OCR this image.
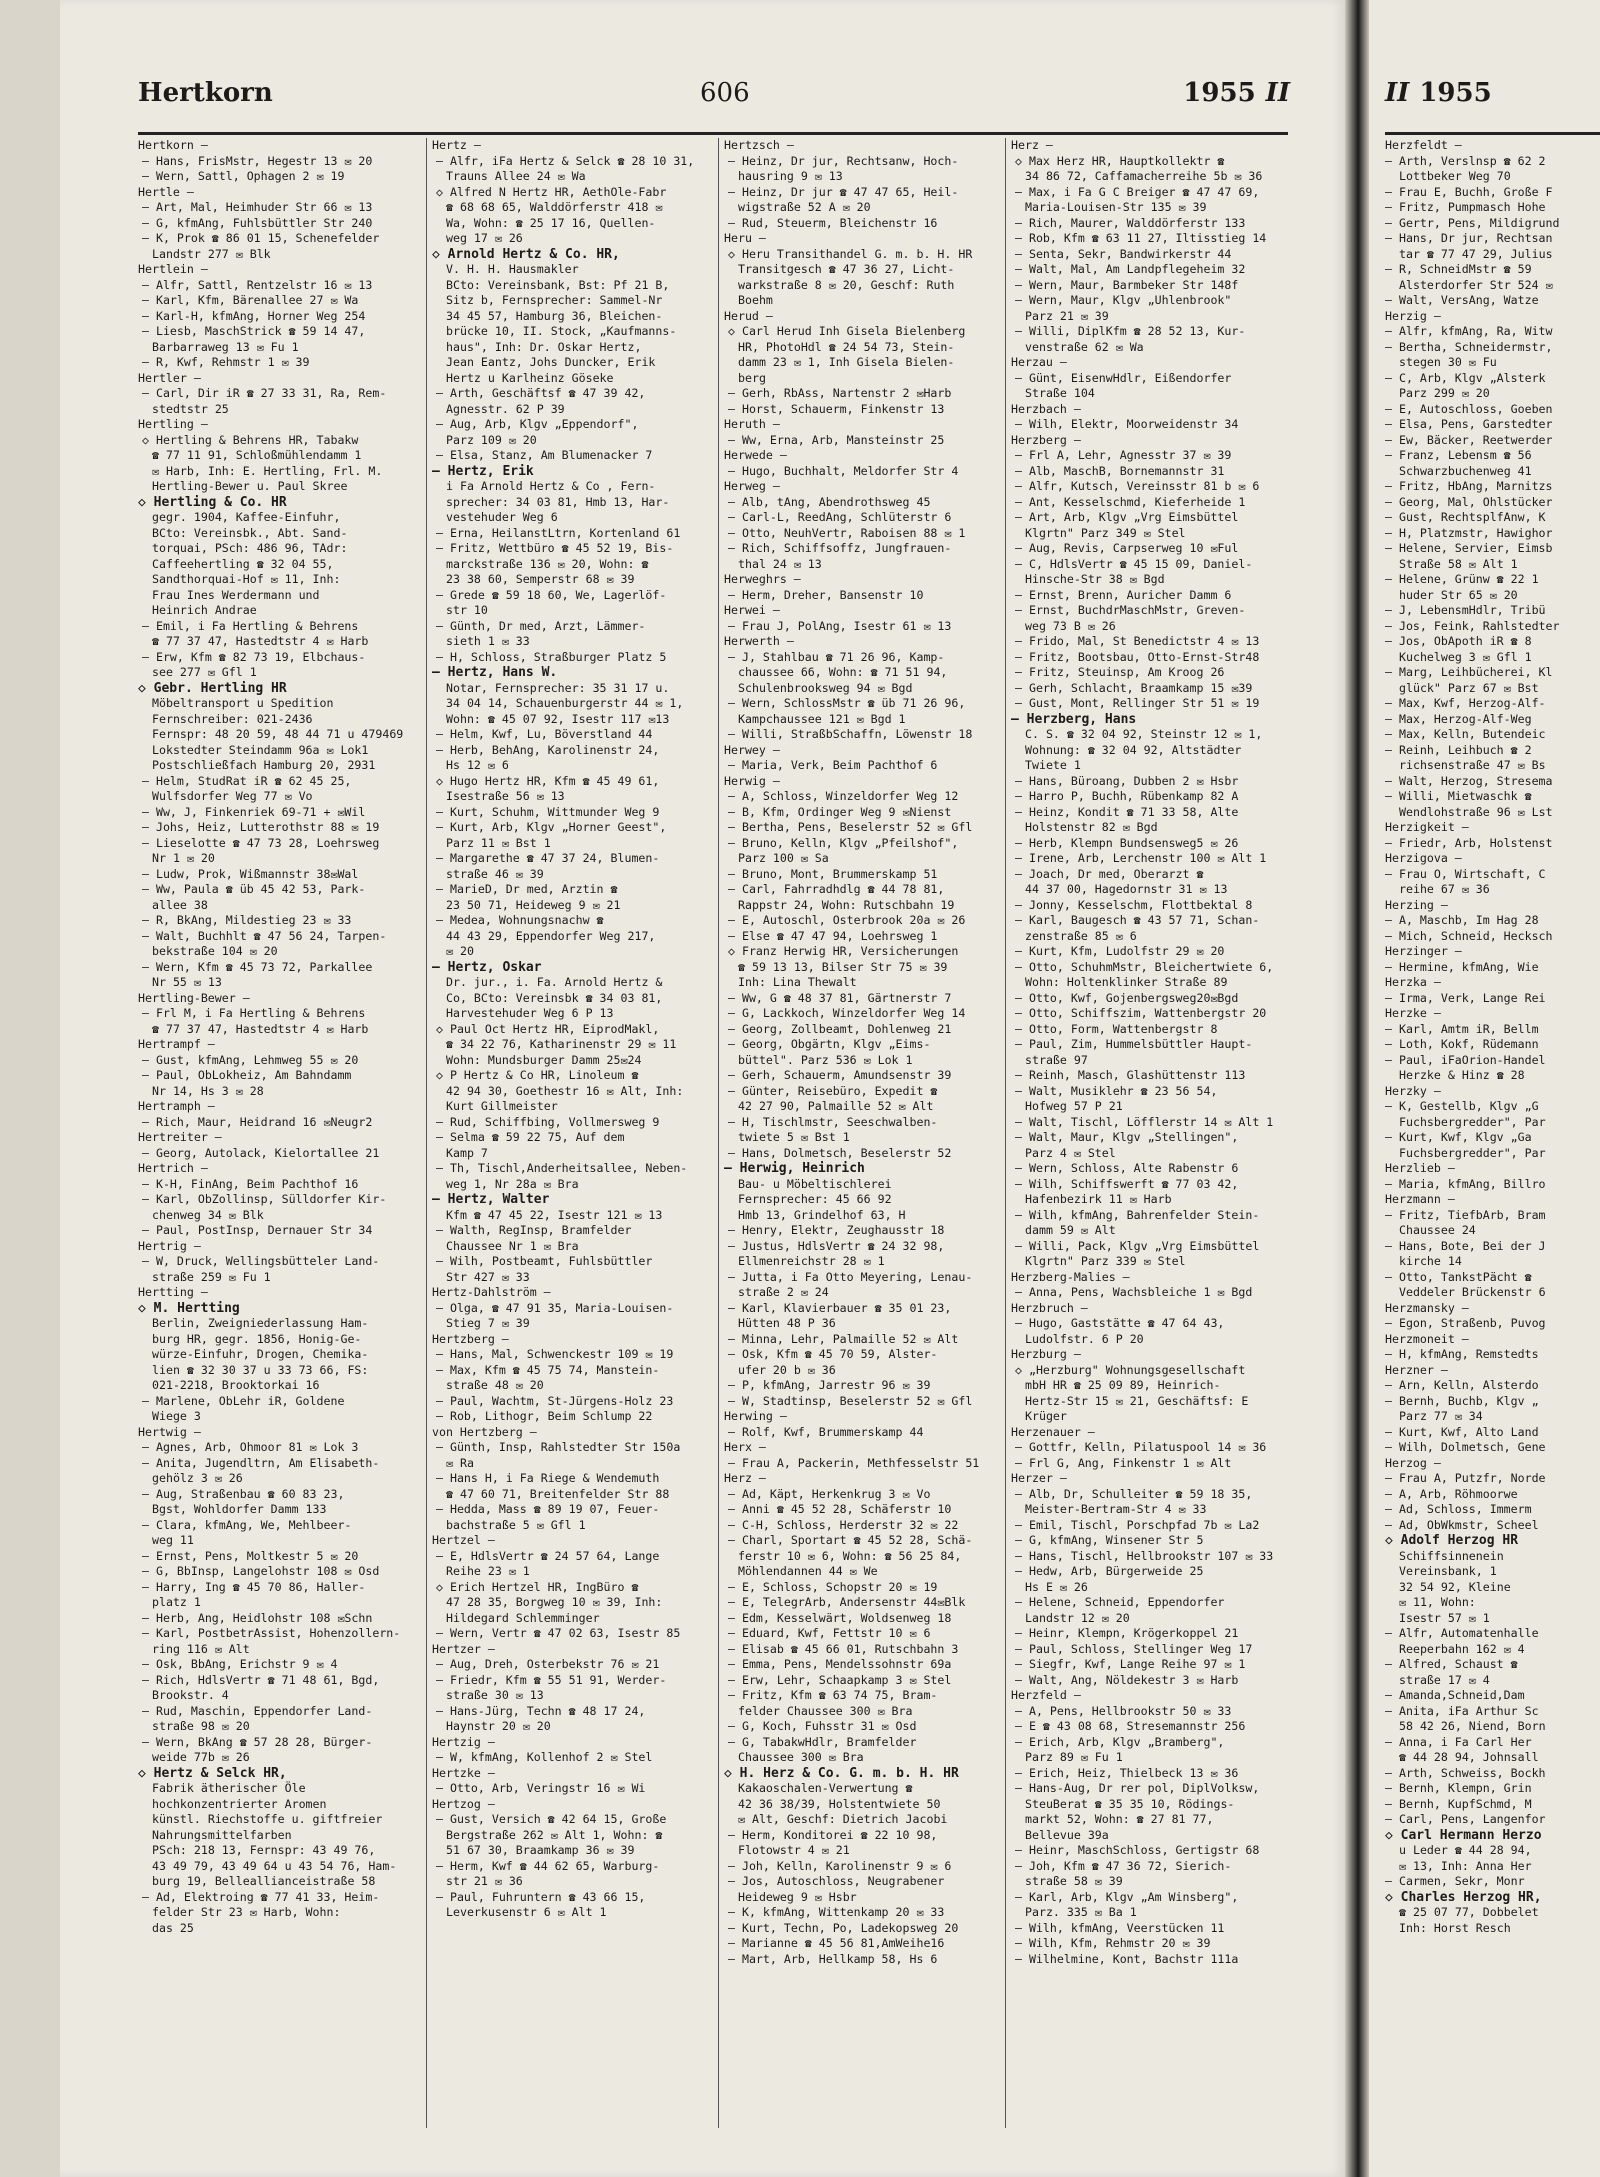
Hertkorn	606	1955 II
Hertkorn —
— Hans, FrisMstr, Hegestr 13 ✉ 20
— Wern, Sattl, Ophagen 2 ✉ 19
Hertle —
— Art, Mal, Heimhuder Str 66 ✉ 13
— G, kfmAng, Fuhlsbüttler Str 240
— K, Prok ☎ 86 01 15, Schenefelder
Landstr 277 ✉ Blk
Hertlein —
— Alfr, Sattl, Rentzelstr 16 ✉ 13
— Karl, Kfm, Bärenallee 27 ✉ Wa
— Karl-H, kfmAng, Horner Weg 254
— Liesb, MaschStrick ☎ 59 14 47,
Barbarraweg 13 ✉ Fu 1
— R, Kwf, Rehmstr 1 ✉ 39
Hertler —
— Carl, Dir iR ☎ 27 33 31, Ra, Rem-
stedtstr 25
Hertling —
◇ Hertling & Behrens HR, Tabakw
☎ 77 11 91, Schloßmühlendamm 1
✉ Harb, Inh: E. Hertling, Frl. M.
Hertling-Bewer u. Paul Skree
◇ Hertling & Co. HR
gegr. 1904, Kaffee-Einfuhr,
BCto: Vereinsbk., Abt. Sand-
torquai, PSch: 486 96, TAdr:
Caffeehertling ☎ 32 04 55,
Sandthorquai-Hof ✉ 11, Inh:
Frau Ines Werdermann und
Heinrich Andrae
— Emil, i Fa Hertling & Behrens
☎ 77 37 47, Hastedtstr 4 ✉ Harb
— Erw, Kfm ☎ 82 73 19, Elbchaus-
see 277 ✉ Gfl 1
◇ Gebr. Hertling HR
Möbeltransport u Spedition
Fernschreiber: 021-2436
Fernspr: 48 20 59, 48 44 71 u 479469
Lokstedter Steindamm 96a ✉ Lok1
Postschließfach Hamburg 20, 2931
— Helm, StudRat iR ☎ 62 45 25,
Wulfsdorfer Weg 77 ✉ Vo
— Ww, J, Finkenriek 69-71 + ✉Wil
— Johs, Heiz, Lutterothstr 88 ✉ 19
— Lieselotte ☎ 47 73 28, Loehrsweg
Nr 1 ✉ 20
— Ludw, Prok, Wißmannstr 38✉Wal
— Ww, Paula ☎ üb 45 42 53, Park-
allee 38
— R, BkAng, Mildestieg 23 ✉ 33
— Walt, Buchhlt ☎ 47 56 24, Tarpen-
bekstraße 104 ✉ 20
— Wern, Kfm ☎ 45 73 72, Parkallee
Nr 55 ✉ 13
Hertling-Bewer —
— Frl M, i Fa Hertling & Behrens
☎ 77 37 47, Hastedtstr 4 ✉ Harb
Hertrampf —
— Gust, kfmAng, Lehmweg 55 ✉ 20
— Paul, ObLokheiz, Am Bahndamm
Nr 14, Hs 3 ✉ 28
Hertramph —
— Rich, Maur, Heidrand 16 ✉Neugr2
Hertreiter —
— Georg, Autolack, Kielortallee 21
Hertrich —
— K-H, FinAng, Beim Pachthof 16
— Karl, ObZollinsp, Sülldorfer Kir-
chenweg 34 ✉ Blk
— Paul, PostInsp, Dernauer Str 34
Hertrig —
— W, Druck, Wellingsbütteler Land-
straße 259 ✉ Fu 1
Hertting —
◇ M. Hertting
Berlin, Zweigniederlassung Ham-
burg HR, gegr. 1856, Honig-Ge-
würze-Einfuhr, Drogen, Chemika-
lien ☎ 32 30 37 u 33 73 66, FS:
021-2218, Brooktorkai 16
— Marlene, ObLehr iR, Goldene
Wiege 3
Hertwig —
— Agnes, Arb, Ohmoor 81 ✉ Lok 3
— Anita, Jugendltrn, Am Elisabeth-
gehölz 3 ✉ 26
— Aug, Straßenbau ☎ 60 83 23,
Bgst, Wohldorfer Damm 133
— Clara, kfmAng, We, Mehlbeer-
weg 11
— Ernst, Pens, Moltkestr 5 ✉ 20
— G, BbInsp, Langelohstr 108 ✉ Osd
— Harry, Ing ☎ 45 70 86, Haller-
platz 1
— Herb, Ang, Heidlohstr 108 ✉Schn
— Karl, PostbetrAssist, Hohenzollern-
ring 116 ✉ Alt
— Osk, BbAng, Erichstr 9 ✉ 4
— Rich, HdlsVertr ☎ 71 48 61, Bgd,
Brookstr. 4
— Rud, Maschin, Eppendorfer Land-
straße 98 ✉ 20
— Wern, BkAng ☎ 57 28 28, Bürger-
weide 77b ✉ 26
◇ Hertz & Selck HR,
Fabrik ätherischer Öle
hochkonzentrierter Aromen
künstl. Riechstoffe u. giftfreier
Nahrungsmittelfarben
PSch: 218 13, Fernspr: 43 49 76,
43 49 79, 43 49 64 u 43 54 76, Ham-
burg 19, Belleallianceistraße 58
— Ad, Elektroing ☎ 77 41 33, Heim-
felder Str 23 ✉ Harb, Wohn:
das 25
Hertz —
— Alfr, iFa Hertz & Selck ☎ 28 10 31,
Trauns Allee 24 ✉ Wa
◇ Alfred N Hertz HR, AethOle-Fabr
☎ 68 68 65, Walddörferstr 418 ✉
Wa, Wohn: ☎ 25 17 16, Quellen-
weg 17 ✉ 26
◇ Arnold Hertz & Co. HR,
V. H. H. Hausmakler
BCto: Vereinsbank, Bst: Pf 21 B,
Sitz b, Fernsprecher: Sammel-Nr
34 45 57, Hamburg 36, Bleichen-
brücke 10, II. Stock, „Kaufmanns-
haus", Inh: Dr. Oskar Hertz,
Jean Eantz, Johs Duncker, Erik
Hertz u Karlheinz Göseke
— Arth, Geschäftsf ☎ 47 39 42,
Agnesstr. 62 P 39
— Aug, Arb, Klgv „Eppendorf",
Parz 109 ✉ 20
— Elsa, Stanz, Am Blumenacker 7
— Hertz, Erik
i Fa Arnold Hertz & Co , Fern-
sprecher: 34 03 81, Hmb 13, Har-
vestehuder Weg 6
— Erna, HeilanstLtrn, Kortenland 61
— Fritz, Wettbüro ☎ 45 52 19, Bis-
marckstraße 136 ✉ 20, Wohn: ☎
23 38 60, Semperstr 68 ✉ 39
— Grede ☎ 59 18 60, We, Lagerlöf-
str 10
— Günth, Dr med, Arzt, Lämmer-
sieth 1 ✉ 33
— H, Schloss, Straßburger Platz 5
— Hertz, Hans W.
Notar, Fernsprecher: 35 31 17 u.
34 04 14, Schauenburgerstr 44 ✉ 1,
Wohn: ☎ 45 07 92, Isestr 117 ✉13
— Helm, Kwf, Lu, Böverstland 44
— Herb, BehAng, Karolinenstr 24,
Hs 12 ✉ 6
◇ Hugo Hertz HR, Kfm ☎ 45 49 61,
Isestraße 56 ✉ 13
— Kurt, Schuhm, Wittmunder Weg 9
— Kurt, Arb, Klgv „Horner Geest",
Parz 11 ✉ Bst 1
— Margarethe ☎ 47 37 24, Blumen-
straße 46 ✉ 39
— MarieD, Dr med, Arztin ☎
23 50 71, Heideweg 9 ✉ 21
— Medea, Wohnungsnachw ☎
44 43 29, Eppendorfer Weg 217,
✉ 20
— Hertz, Oskar
Dr. jur., i. Fa. Arnold Hertz &
Co, BCto: Vereinsbk ☎ 34 03 81,
Harvestehuder Weg 6 P 13
◇ Paul Oct Hertz HR, EiprodMakl,
☎ 34 22 76, Katharinenstr 29 ✉ 11
Wohn: Mundsburger Damm 25✉24
◇ P Hertz & Co HR, Linoleum ☎
42 94 30, Goethestr 16 ✉ Alt, Inh:
Kurt Gillmeister
— Rud, Schiffbing, Vollmersweg 9
— Selma ☎ 59 22 75, Auf dem
Kamp 7
— Th, Tischl,Anderheitsallee, Neben-
weg 1, Nr 28a ✉ Bra
— Hertz, Walter
Kfm ☎ 47 45 22, Isestr 121 ✉ 13
— Walth, RegInsp, Bramfelder
Chaussee Nr 1 ✉ Bra
— Wilh, Postbeamt, Fuhlsbüttler
Str 427 ✉ 33
Hertz-Dahlström —
— Olga, ☎ 47 91 35, Maria-Louisen-
Stieg 7 ✉ 39
Hertzberg —
— Hans, Mal, Schwenckestr 109 ✉ 19
— Max, Kfm ☎ 45 75 74, Manstein-
straße 48 ✉ 20
— Paul, Wachtm, St-Jürgens-Holz 23
— Rob, Lithogr, Beim Schlump 22
von Hertzberg —
— Günth, Insp, Rahlstedter Str 150a
✉ Ra
— Hans H, i Fa Riege & Wendemuth
☎ 47 60 71, Breitenfelder Str 88
— Hedda, Mass ☎ 89 19 07, Feuer-
bachstraße 5 ✉ Gfl 1
Hertzel —
— E, HdlsVertr ☎ 24 57 64, Lange
Reihe 23 ✉ 1
◇ Erich Hertzel HR, IngBüro ☎
47 28 35, Borgweg 10 ✉ 39, Inh:
Hildegard Schlemminger
— Wern, Vertr ☎ 47 02 63, Isestr 85
Hertzer —
— Aug, Dreh, Osterbekstr 76 ✉ 21
— Friedr, Kfm ☎ 55 51 91, Werder-
straße 30 ✉ 13
— Hans-Jürg, Techn ☎ 48 17 24,
Haynstr 20 ✉ 20
Hertzig —
— W, kfmAng, Kollenhof 2 ✉ Stel
Hertzke —
— Otto, Arb, Veringstr 16 ✉ Wi
Hertzog —
— Gust, Versich ☎ 42 64 15, Große
Bergstraße 262 ✉ Alt 1, Wohn: ☎
51 67 30, Braamkamp 36 ✉ 39
— Herm, Kwf ☎ 44 62 65, Warburg-
str 21 ✉ 36
— Paul, Fuhruntern ☎ 43 66 15,
Leverkusenstr 6 ✉ Alt 1
Hertzsch —
— Heinz, Dr jur, Rechtsanw, Hoch-
hausring 9 ✉ 13
— Heinz, Dr jur ☎ 47 47 65, Heil-
wigstraße 52 A ✉ 20
— Rud, Steuerm, Bleichenstr 16
Heru —
◇ Heru Transithandel G. m. b. H. HR
Transitgesch ☎ 47 36 27, Licht-
warkstraße 8 ✉ 20, Geschf: Ruth
Boehm
Herud —
◇ Carl Herud Inh Gisela Bielenberg
HR, PhotoHdl ☎ 24 54 73, Stein-
damm 23 ✉ 1, Inh Gisela Bielen-
berg
— Gerh, RbAss, Nartenstr 2 ✉Harb
— Horst, Schauerm, Finkenstr 13
Heruth —
— Ww, Erna, Arb, Mansteinstr 25
Herwede —
— Hugo, Buchhalt, Meldorfer Str 4
Herweg —
— Alb, tAng, Abendrothsweg 45
— Carl-L, ReedAng, Schlüterstr 6
— Otto, NeuhVertr, Raboisen 88 ✉ 1
— Rich, Schiffsoffz, Jungfrauen-
thal 24 ✉ 13
Herweghrs —
— Herm, Dreher, Bansenstr 10
Herwei —
— Frau J, PolAng, Isestr 61 ✉ 13
Herwerth —
— J, Stahlbau ☎ 71 26 96, Kamp-
chaussee 66, Wohn: ☎ 71 51 94,
Schulenbrooksweg 94 ✉ Bgd
— Wern, SchlossMstr ☎ üb 71 26 96,
Kampchaussee 121 ✉ Bgd 1
— Willi, StraßbSchaffn, Löwenstr 18
Herwey —
— Maria, Verk, Beim Pachthof 6
Herwig —
— A, Schloss, Winzeldorfer Weg 12
— B, Kfm, Ordinger Weg 9 ✉Nienst
— Bertha, Pens, Beselerstr 52 ✉ Gfl
— Bruno, Kelln, Klgv „Pfeilshof",
Parz 100 ✉ Sa
— Bruno, Mont, Brummerskamp 51
— Carl, Fahrradhdlg ☎ 44 78 81,
Rappstr 24, Wohn: Rutschbahn 19
— E, Autoschl, Osterbrook 20a ✉ 26
— Else ☎ 47 47 94, Loehrsweg 1
◇ Franz Herwig HR, Versicherungen
☎ 59 13 13, Bilser Str 75 ✉ 39
Inh: Lina Thewalt
— Ww, G ☎ 48 37 81, Gärtnerstr 7
— G, Lackkoch, Winzeldorfer Weg 14
— Georg, Zollbeamt, Dohlenweg 21
— Georg, Obgärtn, Klgv „Eims-
büttel". Parz 536 ✉ Lok 1
— Gerh, Schauerm, Amundsenstr 39
— Günter, Reisebüro, Expedit ☎
42 27 90, Palmaille 52 ✉ Alt
— H, Tischlmstr, Seeschwalben-
twiete 5 ✉ Bst 1
— Hans, Dolmetsch, Beselerstr 52
— Herwig, Heinrich
Bau- u Möbeltischlerei
Fernsprecher: 45 66 92
Hmb 13, Grindelhof 63, H
— Henry, Elektr, Zeughausstr 18
— Justus, HdlsVertr ☎ 24 32 98,
Ellmenreichstr 28 ✉ 1
— Jutta, i Fa Otto Meyering, Lenau-
straße 2 ✉ 24
— Karl, Klavierbauer ☎ 35 01 23,
Hütten 48 P 36
— Minna, Lehr, Palmaille 52 ✉ Alt
— Osk, Kfm ☎ 45 70 59, Alster-
ufer 20 b ✉ 36
— P, kfmAng, Jarrestr 96 ✉ 39
— W, Stadtinsp, Beselerstr 52 ✉ Gfl
Herwing —
— Rolf, Kwf, Brummerskamp 44
Herx —
— Frau A, Packerin, Methfesselstr 51
Herz —
— Ad, Käpt, Herkenkrug 3 ✉ Vo
— Anni ☎ 45 52 28, Schäferstr 10
— C-H, Schloss, Herderstr 32 ✉ 22
— Charl, Sportart ☎ 45 52 28, Schä-
ferstr 10 ✉ 6, Wohn: ☎ 56 25 84,
Möhlendannen 44 ✉ We
— E, Schloss, Schopstr 20 ✉ 19
— E, TelegrArb, Andersenstr 44✉Blk
— Edm, Kesselwärt, Woldsenweg 18
— Eduard, Kwf, Fettstr 10 ✉ 6
— Elisab ☎ 45 66 01, Rutschbahn 3
— Emma, Pens, Mendelssohnstr 69a
— Erw, Lehr, Schaapkamp 3 ✉ Stel
— Fritz, Kfm ☎ 63 74 75, Bram-
felder Chaussee 300 ✉ Bra
— G, Koch, Fuhsstr 31 ✉ Osd
— G, TabakwHdlr, Bramfelder
Chaussee 300 ✉ Bra
◇ H. Herz & Co. G. m. b. H. HR
Kakaoschalen-Verwertung ☎
42 36 38/39, Holstentwiete 50
✉ Alt, Geschf: Dietrich Jacobi
— Herm, Konditorei ☎ 22 10 98,
Flotowstr 4 ✉ 21
— Joh, Kelln, Karolinenstr 9 ✉ 6
— Jos, Autoschloss, Neugrabener
Heideweg 9 ✉ Hsbr
— K, kfmAng, Wittenkamp 20 ✉ 33
— Kurt, Techn, Po, Ladekopsweg 20
— Marianne ☎ 45 56 81,AmWeihe16
— Mart, Arb, Hellkamp 58, Hs 6
Herz —
◇ Max Herz HR, Hauptkollektr ☎
34 86 72, Caffamacherreihe 5b ✉ 36
— Max, i Fa G C Breiger ☎ 47 47 69,
Maria-Louisen-Str 135 ✉ 39
— Rich, Maurer, Walddörferstr 133
— Rob, Kfm ☎ 63 11 27, Iltisstieg 14
— Senta, Sekr, Bandwirkerstr 44
— Walt, Mal, Am Landpflegeheim 32
— Wern, Maur, Barmbeker Str 148f
— Wern, Maur, Klgv „Uhlenbrook"
Parz 21 ✉ 39
— Willi, DiplKfm ☎ 28 52 13, Kur-
venstraße 62 ✉ Wa
Herzau —
— Günt, EisenwHdlr, Eißendorfer
Straße 104
Herzbach —
— Wilh, Elektr, Moorweidenstr 34
Herzberg —
— Frl A, Lehr, Agnesstr 37 ✉ 39
— Alb, MaschB, Bornemannstr 31
— Alfr, Kutsch, Vereinsstr 81 b ✉ 6
— Ant, Kesselschmd, Kieferheide 1
— Art, Arb, Klgv „Vrg Eimsbüttel
Klgrtn" Parz 349 ✉ Stel
— Aug, Revis, Carpserweg 10 ✉Ful
— C, HdlsVertr ☎ 45 15 09, Daniel-
Hinsche-Str 38 ✉ Bgd
— Ernst, Brenn, Auricher Damm 6
— Ernst, BuchdrMaschMstr, Greven-
weg 73 B ✉ 26
— Frido, Mal, St Benedictstr 4 ✉ 13
— Fritz, Bootsbau, Otto-Ernst-Str48
— Fritz, Steuinsp, Am Kroog 26
— Gerh, Schlacht, Braamkamp 15 ✉39
— Gust, Mont, Rellinger Str 51 ✉ 19
— Herzberg, Hans
C. S. ☎ 32 04 92, Steinstr 12 ✉ 1,
Wohnung: ☎ 32 04 92, Altstädter
Twiete 1
— Hans, Büroang, Dubben 2 ✉ Hsbr
— Harro P, Buchh, Rübenkamp 82 A
— Heinz, Kondit ☎ 71 33 58, Alte
Holstenstr 82 ✉ Bgd
— Herb, Klempn Bundsensweg5 ✉ 26
— Irene, Arb, Lerchenstr 100 ✉ Alt 1
— Joach, Dr med, Oberarzt ☎
44 37 00, Hagedornstr 31 ✉ 13
— Jonny, Kesselschm, Flottbektal 8
— Karl, Baugesch ☎ 43 57 71, Schan-
zenstraße 85 ✉ 6
— Kurt, Kfm, Ludolfstr 29 ✉ 20
— Otto, SchuhmMstr, Bleichertwiete 6,
Wohn: Holtenklinker Straße 89
— Otto, Kwf, Gojenbergsweg20✉Bgd
— Otto, Schiffszim, Wattenbergstr 20
— Otto, Form, Wattenbergstr 8
— Paul, Zim, Hummelsbüttler Haupt-
straße 97
— Reinh, Masch, Glashüttenstr 113
— Walt, Musiklehr ☎ 23 56 54,
Hofweg 57 P 21
— Walt, Tischl, Löfflerstr 14 ✉ Alt 1
— Walt, Maur, Klgv „Stellingen",
Parz 4 ✉ Stel
— Wern, Schloss, Alte Rabenstr 6
— Wilh, Schiffswerft ☎ 77 03 42,
Hafenbezirk 11 ✉ Harb
— Wilh, kfmAng, Bahrenfelder Stein-
damm 59 ✉ Alt
— Willi, Pack, Klgv „Vrg Eimsbüttel
Klgrtn" Parz 339 ✉ Stel
Herzberg-Malies —
— Anna, Pens, Wachsbleiche 1 ✉ Bgd
Herzbruch —
— Hugo, Gaststätte ☎ 47 64 43,
Ludolfstr. 6 P 20
Herzburg —
◇ „Herzburg" Wohnungsgesellschaft
mbH HR ☎ 25 09 89, Heinrich-
Hertz-Str 15 ✉ 21, Geschäftsf: E
Krüger
Herzenauer —
— Gottfr, Kelln, Pilatuspool 14 ✉ 36
— Frl G, Ang, Finkenstr 1 ✉ Alt
Herzer —
— Alb, Dr, Schulleiter ☎ 59 18 35,
Meister-Bertram-Str 4 ✉ 33
— Emil, Tischl, Porschpfad 7b ✉ La2
— G, kfmAng, Winsener Str 5
— Hans, Tischl, Hellbrookstr 107 ✉ 33
— Hedw, Arb, Bürgerweide 25
Hs E ✉ 26
— Helene, Schneid, Eppendorfer
Landstr 12 ✉ 20
— Heinr, Klempn, Krögerkoppel 21
— Paul, Schloss, Stellinger Weg 17
— Siegfr, Kwf, Lange Reihe 97 ✉ 1
— Walt, Ang, Nöldekestr 3 ✉ Harb
Herzfeld —
— A, Pens, Hellbrookstr 50 ✉ 33
— E ☎ 43 08 68, Stresemannstr 256
— Erich, Arb, Klgv „Bramberg",
Parz 89 ✉ Fu 1
— Erich, Heiz, Thielbeck 13 ✉ 36
— Hans-Aug, Dr rer pol, DiplVolksw,
SteuBerat ☎ 35 35 10, Rödings-
markt 52, Wohn: ☎ 27 81 77,
Bellevue 39a
— Heinr, MaschSchloss, Gertigstr 68
— Joh, Kfm ☎ 47 36 72, Sierich-
straße 58 ✉ 39
— Karl, Arb, Klgv „Am Winsberg",
Parz. 335 ✉ Ba 1
— Wilh, kfmAng, Veerstücken 11
— Wilh, Kfm, Rehmstr 20 ✉ 39
— Wilhelmine, Kont, Bachstr 111a
II 1955
Herzfeldt —
— Arth, Verslnsp ☎ 62 2
Lottbeker Weg 70
— Frau E, Buchh, Große F
— Fritz, Pumpmasch Hohe
— Gertr, Pens, Mildigrund
— Hans, Dr jur, Rechtsan
tar ☎ 77 47 29, Julius
— R, SchneidMstr ☎ 59
Alsterdorfer Str 524 ✉
— Walt, VersAng, Watze
Herzig —
— Alfr, kfmAng, Ra, Witw
— Bertha, Schneidermstr,
stegen 30 ✉ Fu
— C, Arb, Klgv „Alsterk
Parz 299 ✉ 20
— E, Autoschloss, Goeben
— Elsa, Pens, Garstedter
— Ew, Bäcker, Reetwerder
— Franz, Lebensm ☎ 56
Schwarzbuchenweg 41
— Fritz, HbAng, Marnitzs
— Georg, Mal, Ohlstücker
— Gust, RechtsplfAnw, K
— H, Platzmstr, Hawighor
— Helene, Servier, Eimsb
Straße 58 ✉ Alt 1
— Helene, Grünw ☎ 22 1
huder Str 65 ✉ 20
— J, LebensmHdlr, Tribü
— Jos, Feink, Rahlstedter
— Jos, ObApoth iR ☎ 8
Kuchelweg 3 ✉ Gfl 1
— Marg, Leihbücherei, Kl
glück" Parz 67 ✉ Bst
— Max, Kwf, Herzog-Alf-
— Max, Herzog-Alf-Weg
— Max, Kelln, Butendeic
— Reinh, Leihbuch ☎ 2
richsenstraße 47 ✉ Bs
— Walt, Herzog, Stresema
— Willi, Mietwaschk ☎
Wendlohstraße 96 ✉ Lst
Herzigkeit —
— Friedr, Arb, Holstenst
Herzigova —
— Frau O, Wirtschaft, C
reihe 67 ✉ 36
Herzing —
— A, Maschb, Im Hag 28
— Mich, Schneid, Hecksch
Herzinger —
— Hermine, kfmAng, Wie
Herzka —
— Irma, Verk, Lange Rei
Herzke —
— Karl, Amtm iR, Bellm
— Loth, Kokf, Rüdemann
— Paul, iFaOrion-Handel
Herzke & Hinz ☎ 28
Herzky —
— K, Gestellb, Klgv „G
Fuchsbergredder", Par
— Kurt, Kwf, Klgv „Ga
Fuchsbergredder", Par
Herzlieb —
— Maria, kfmAng, Billro
Herzmann —
— Fritz, TiefbArb, Bram
Chaussee 24
— Hans, Bote, Bei der J
kirche 14
— Otto, TankstPächt ☎
Veddeler Brückenstr 6
Herzmansky —
— Egon, Straßenb, Puvog
Herzmoneit —
— H, kfmAng, Remstedts
Herzner —
— Arn, Kelln, Alsterdo
— Bernh, Buchb, Klgv „
Parz 77 ✉ 34
— Kurt, Kwf, Alto Land
— Wilh, Dolmetsch, Gene
Herzog —
— Frau A, Putzfr, Norde
— A, Arb, Röhmoorwe
— Ad, Schloss, Immerm
— Ad, ObWkmstr, Scheel
◇ Adolf Herzog HR
Schiffsinnenein
Vereinsbank, 1
32 54 92, Kleine
✉ 11, Wohn:
Isestr 57 ✉ 1
— Alfr, Automatenhalle
Reeperbahn 162 ✉ 4
— Alfred, Schaust ☎
straße 17 ✉ 4
— Amanda,Schneid,Dam
— Anita, iFa Arthur Sc
58 42 26, Niend, Born
— Anna, i Fa Carl Her
☎ 44 28 94, Johnsall
— Arth, Schweiss, Bockh
— Bernh, Klempn, Grin
— Bernh, KupfSchmd, M
— Carl, Pens, Langenfor
◇ Carl Hermann Herzo
u Leder ☎ 44 28 94,
✉ 13, Inh: Anna Her
— Carmen, Sekr, Monr
◇ Charles Herzog HR,
☎ 25 07 77, Dobbelet
Inh: Horst Resch
